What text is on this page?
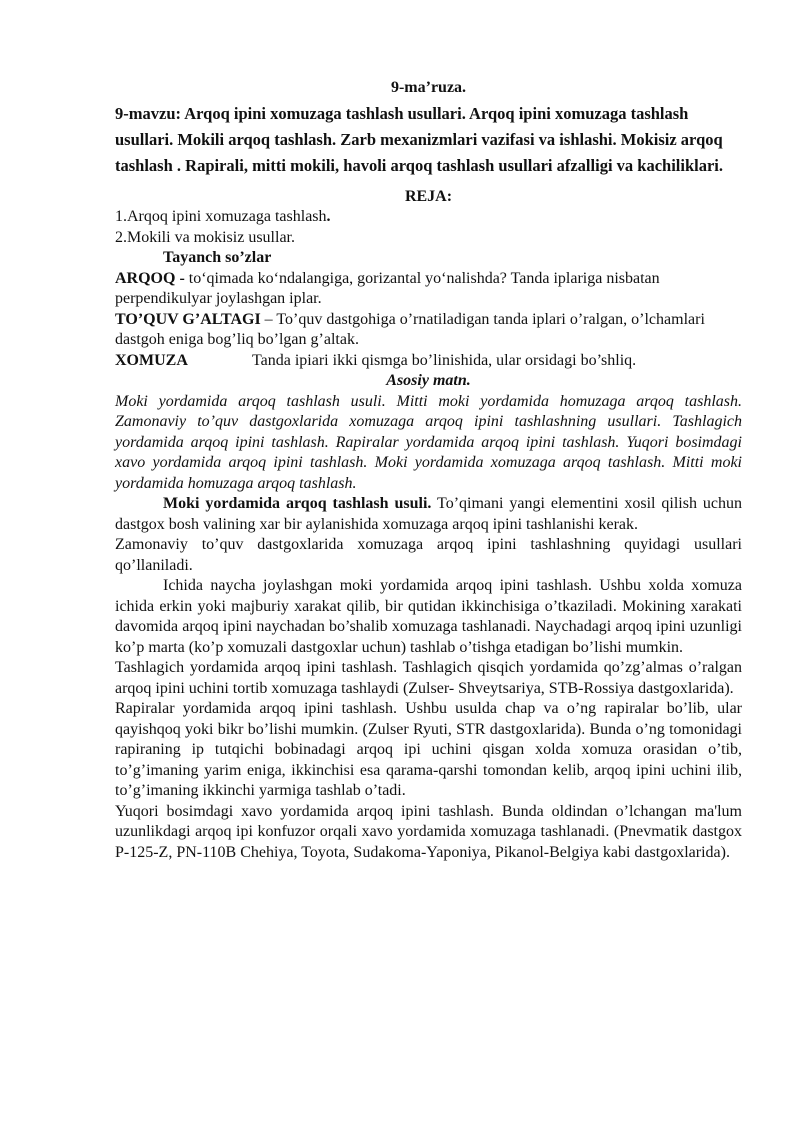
9-ma’ruza.

9-mavzu: Arqoq ipini xomuzaga tashlash usullari. Arqoq ipini xomuzaga tashlash usullari. Mokili arqoq tashlash. Zarb mexanizmlari vazifasi va ishlashi. Mokisiz arqoq tashlash . Rapirali, mitti mokili, havoli arqoq tashlash usullari afzalligi va kachiliklari.

REJA:

1.Arqoq ipini xomuzaga tashlash.

2.Mokili va mokisiz usullar.

Tayanch so’zlar

ARQOQ - to‘qimada ko‘ndalangiga, gorizantal yo‘nalishda? Tanda iplariga nisbatan perpendikulyar joylashgan iplar.

TO’QUV G’ALTAGI – To’quv dastgohiga o’rnatiladigan tanda iplari o’ralgan, o’lchamlari dastgoh eniga bog’liq bo’lgan g’altak.

XOMUZA	Tanda ipiari ikki qismga bo’linishida, ular orsidagi bo’shliq.

Asosiy matn.

Moki yordamida arqoq tashlash usuli. Mitti moki yordamida homuzaga arqoq tashlash. Zamonaviy to’quv dastgoxlarida xomuzaga arqoq ipini tashlashning usullari. Tashlagich yordamida arqoq ipini tashlash. Rapiralar yordamida arqoq ipini tashlash. Yuqori bosimdagi xavo yordamida arqoq ipini tashlash. Moki yordamida xomuzaga arqoq tashlash. Mitti moki yordamida homuzaga arqoq tashlash.

Moki yordamida arqoq tashlash usuli. To’qimani yangi elementini xosil qilish uchun dastgox bosh valining xar bir aylanishida xomuzaga arqoq ipini tashlanishi kerak.

Zamonaviy to’quv dastgoxlarida xomuzaga arqoq ipini tashlashning quyidagi usullari qo’llaniladi.

Ichida naycha joylashgan moki yordamida arqoq ipini tashlash. Ushbu xolda xomuza ichida erkin yoki majburiy xarakat qilib, bir qutidan ikkinchisiga o’tkaziladi. Mokining xarakati davomida arqoq ipini naychadan bo’shalib xomuzaga tashlanadi. Naychadagi arqoq ipini uzunligi ko’p marta (ko’p xomuzali dastgoxlar uchun) tashlab o’tishga etadigan bo’lishi mumkin.

Tashlagich yordamida arqoq ipini tashlash. Tashlagich qisqich yordamida qo’zg’almas o’ralgan arqoq ipini uchini tortib xomuzaga tashlaydi (Zulser- Shveytsariya, STB-Rossiya dastgoxlarida).

Rapiralar yordamida arqoq ipini tashlash. Ushbu usulda chap va o’ng rapiralar bo’lib, ular qayishqoq yoki bikr bo’lishi mumkin. (Zulser Ryuti, STR dastgoxlarida). Bunda o’ng tomonidagi rapiraning ip tutqichi bobinadagi arqoq ipi uchini qisgan xolda xomuza orasidan o’tib, to’g’imaning yarim eniga, ikkinchisi esa qarama-qarshi tomondan kelib, arqoq ipini uchini ilib, to’g’imaning ikkinchi yarmiga tashlab o’tadi.

Yuqori bosimdagi xavo yordamida arqoq ipini tashlash. Bunda oldindan o’lchangan ma'lum uzunlikdagi arqoq ipi konfuzor orqali xavo yordamida xomuzaga tashlanadi. (Pnevmatik dastgox P-125-Z, PN-110B Chehiya, Toyota, Sudakoma-Yaponiya, Pikanol-Belgiya kabi dastgoxlarida).
